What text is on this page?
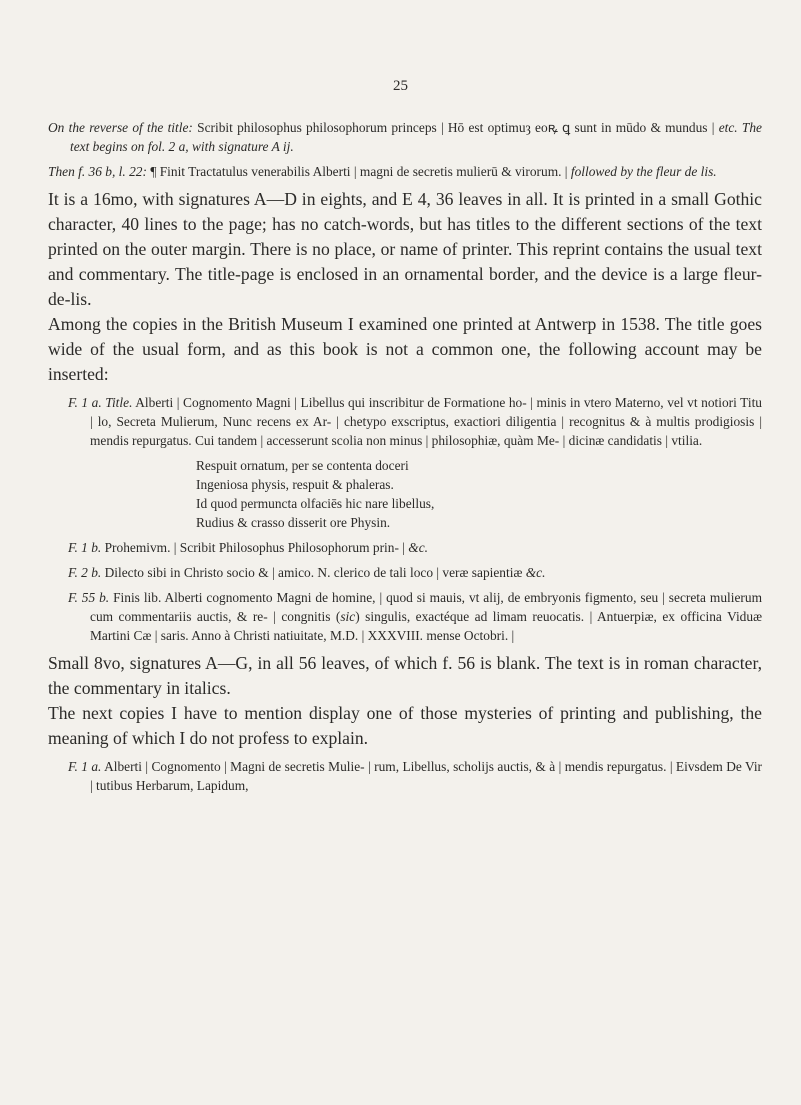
25

On the reverse of the title: Scribit philosophus philosophorum princeps | Hō est optimuȝ eoꝶ ꝗ sunt in mūdo & mundus | etc. The text begins on fol. 2 a, with signature A ij.

Then f. 36 b, l. 22: ¶ Finit Tractatulus venerabilis Alberti | magni de secretis mulierū & virorum. | followed by the fleur de lis.

It is a 16mo, with signatures A—D in eights, and E 4, 36 leaves in all. It is printed in a small Gothic character, 40 lines to the page; has no catch-words, but has titles to the different sections of the text printed on the outer margin. There is no place, or name of printer. This reprint contains the usual text and commentary. The title-page is enclosed in an ornamental border, and the device is a large fleur-de-lis.

Among the copies in the British Museum I examined one printed at Antwerp in 1538. The title goes wide of the usual form, and as this book is not a common one, the following account may be inserted:

F. 1 a. Title. Alberti | Cognomento Magni | Libellus qui inscribitur de Formatione ho- | minis in vtero Materno, vel vt notiori Titu | lo, Secreta Mulierum, Nunc recens ex Ar- | chetypo exscriptus, exactiori diligentia | recognitus & à multis prodigiosis | mendis repurgatus. Cui tandem | accesserunt scolia non minus | philosophiæ, quàm Me- | dicinæ candidatis | vtilia.

Respuit ornatum, per se contenta doceri
Ingeniosa physis, respuit & phaleras.
Id quod permuncta olfaciēs hic nare libellus,
Rudius & crasso disserit ore Physin.

F. 1 b. Prohemivm. | Scribit Philosophus Philosophorum prin- | &c.

F. 2 b. Dilecto sibi in Christo socio & | amico. N. clerico de tali loco | veræ sapientiæ &c.

F. 55 b. Finis lib. Alberti cognomento Magni de homine, | quod si mauis, vt alij, de embryonis figmento, seu | secreta mulierum cum commentariis auctis, & re- | congnitis (sic) singulis, exactéque ad limam reuocatis. | Antuerpiæ, ex officina Viduæ Martini Cæ | saris. Anno à Christi natiuitate, M.D. | XXXVIII. mense Octobri. |

Small 8vo, signatures A—G, in all 56 leaves, of which f. 56 is blank. The text is in roman character, the commentary in italics.

The next copies I have to mention display one of those mysteries of printing and publishing, the meaning of which I do not profess to explain.

F. 1 a. Alberti | Cognomento | Magni de secretis Mulie- | rum, Libellus, scholijs auctis, & à | mendis repurgatus. | Eivsdem De Vir | tutibus Herbarum, Lapidum,
